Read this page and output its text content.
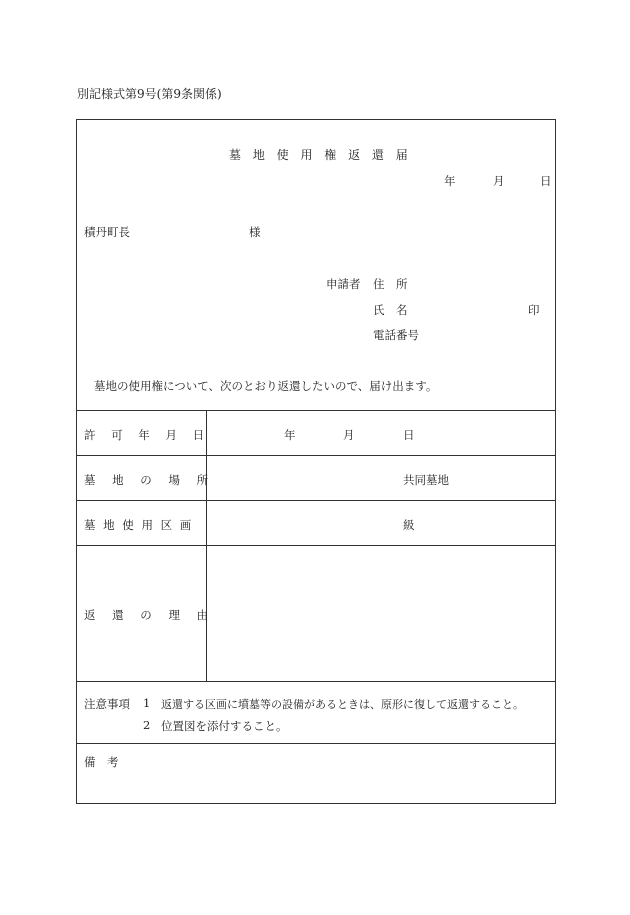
別記様式第9号(第9条関係)
墓 地 使 用 権 返 還 届
年	月	日
積丹町長	様
申請者 住　所
氏　名	印
電話番号
墓地の使用権について、次のとおり返還したいので、届け出ます。
許 可 年 月 日	年	月	日
墓 地 の 場 所	共同墓地
墓 地 使 用 区 画	級
返 還 の 理 由
注意事項 1 返還する区画に墳墓等の設備があるときは、原形に復して返還すること。
2 位置図を添付すること。
備　考
